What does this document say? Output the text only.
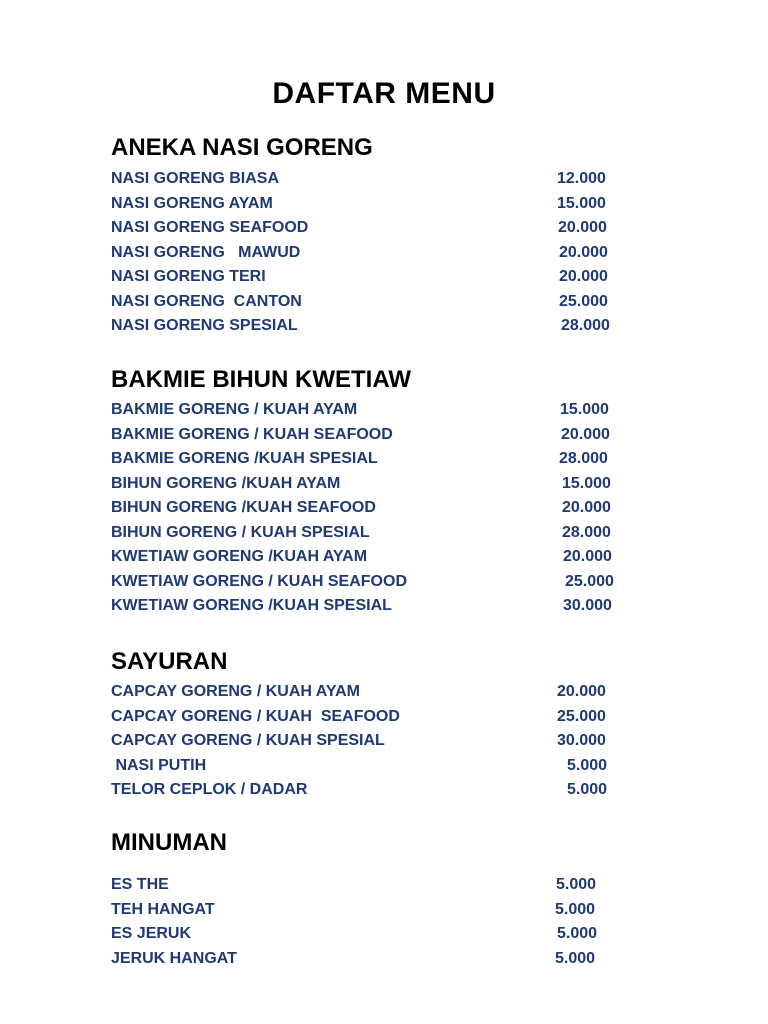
DAFTAR MENU
ANEKA NASI GORENG
NASI GORENG BIASA	12.000
NASI GORENG AYAM	15.000
NASI GORENG SEAFOOD	20.000
NASI GORENG   MAWUD	20.000
NASI GORENG TERI	20.000
NASI GORENG  CANTON	25.000
NASI GORENG SPESIAL	28.000
BAKMIE BIHUN KWETIAW
BAKMIE GORENG / KUAH AYAM	15.000
BAKMIE GORENG / KUAH SEAFOOD	20.000
BAKMIE GORENG /KUAH SPESIAL	28.000
BIHUN GORENG /KUAH AYAM	15.000
BIHUN GORENG /KUAH SEAFOOD	20.000
BIHUN GORENG / KUAH SPESIAL	28.000
KWETIAW GORENG /KUAH AYAM	20.000
KWETIAW GORENG / KUAH SEAFOOD	25.000
KWETIAW GORENG /KUAH SPESIAL	30.000
SAYURAN
CAPCAY GORENG / KUAH AYAM	20.000
CAPCAY GORENG / KUAH  SEAFOOD	25.000
CAPCAY GORENG / KUAH SPESIAL	30.000
NASI PUTIH	5.000
TELOR CEPLOK / DADAR	5.000
MINUMAN
ES THE	5.000
TEH HANGAT	5.000
ES JERUK	5.000
JERUK HANGAT	5.000
